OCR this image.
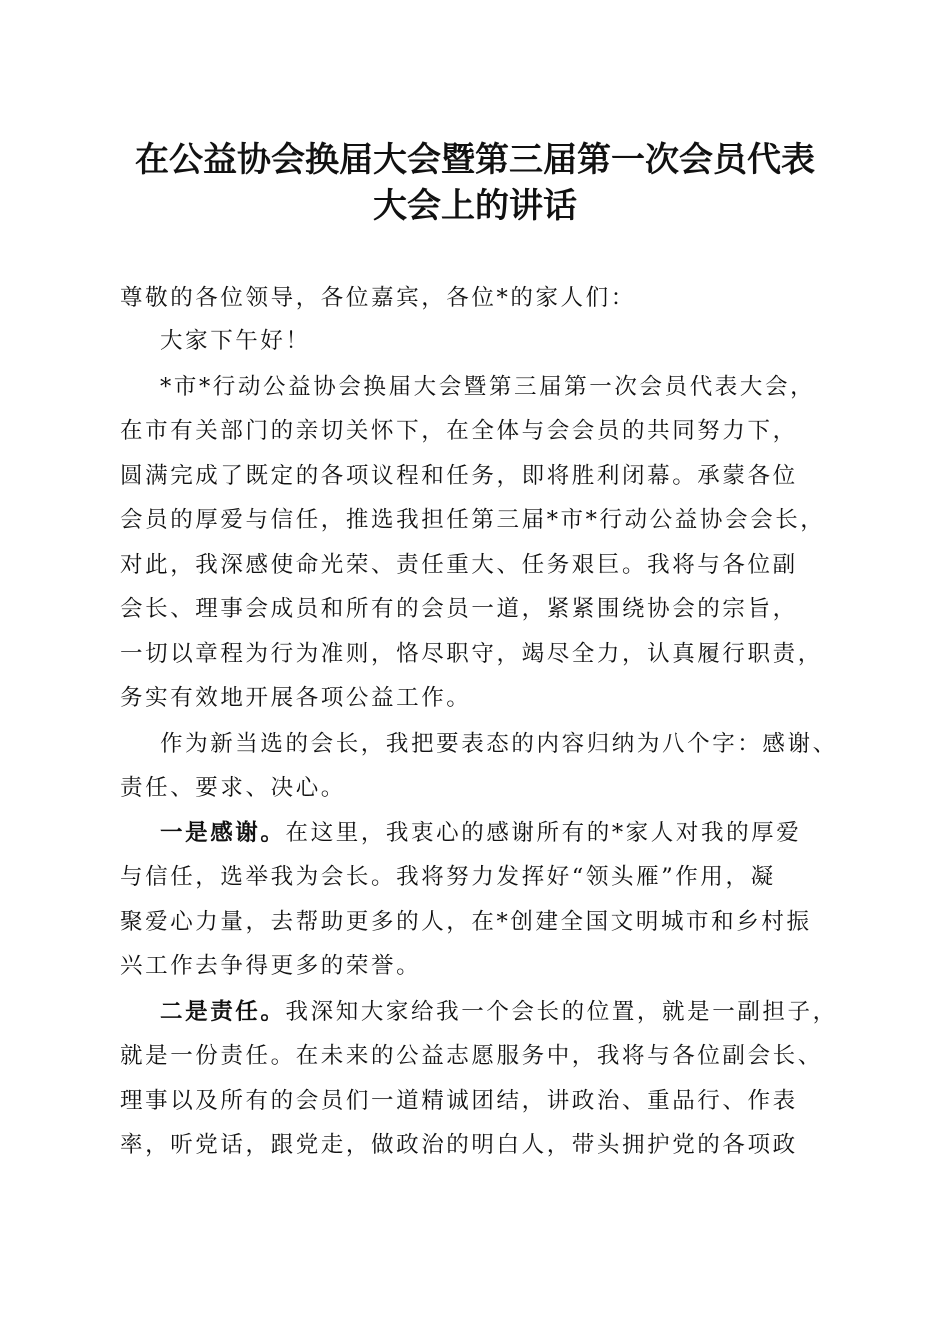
在公益协会换届大会暨第三届第一次会员代表
大会上的讲话
尊敬的各位领导，各位嘉宾，各位*的家人们：
大家下午好！
*市*行动公益协会换届大会暨第三届第一次会员代表大会，
在市有关部门的亲切关怀下，在全体与会会员的共同努力下，
圆满完成了既定的各项议程和任务，即将胜利闭幕。承蒙各位
会员的厚爱与信任，推选我担任第三届*市*行动公益协会会长，
对此，我深感使命光荣、责任重大、任务艰巨。我将与各位副
会长、理事会成员和所有的会员一道，紧紧围绕协会的宗旨，
一切以章程为行为准则，恪尽职守，竭尽全力，认真履行职责，
务实有效地开展各项公益工作。
作为新当选的会长，我把要表态的内容归纳为八个字：感谢、
责任、要求、决心。
一是感谢。在这里，我衷心的感谢所有的*家人对我的厚爱
与信任，选举我为会长。我将努力发挥好“领头雁”作用，凝
聚爱心力量，去帮助更多的人，在*创建全国文明城市和乡村振
兴工作去争得更多的荣誉。
二是责任。我深知大家给我一个会长的位置，就是一副担子，
就是一份责任。在未来的公益志愿服务中，我将与各位副会长、
理事以及所有的会员们一道精诚团结，讲政治、重品行、作表
率，听党话，跟党走，做政治的明白人，带头拥护党的各项政
